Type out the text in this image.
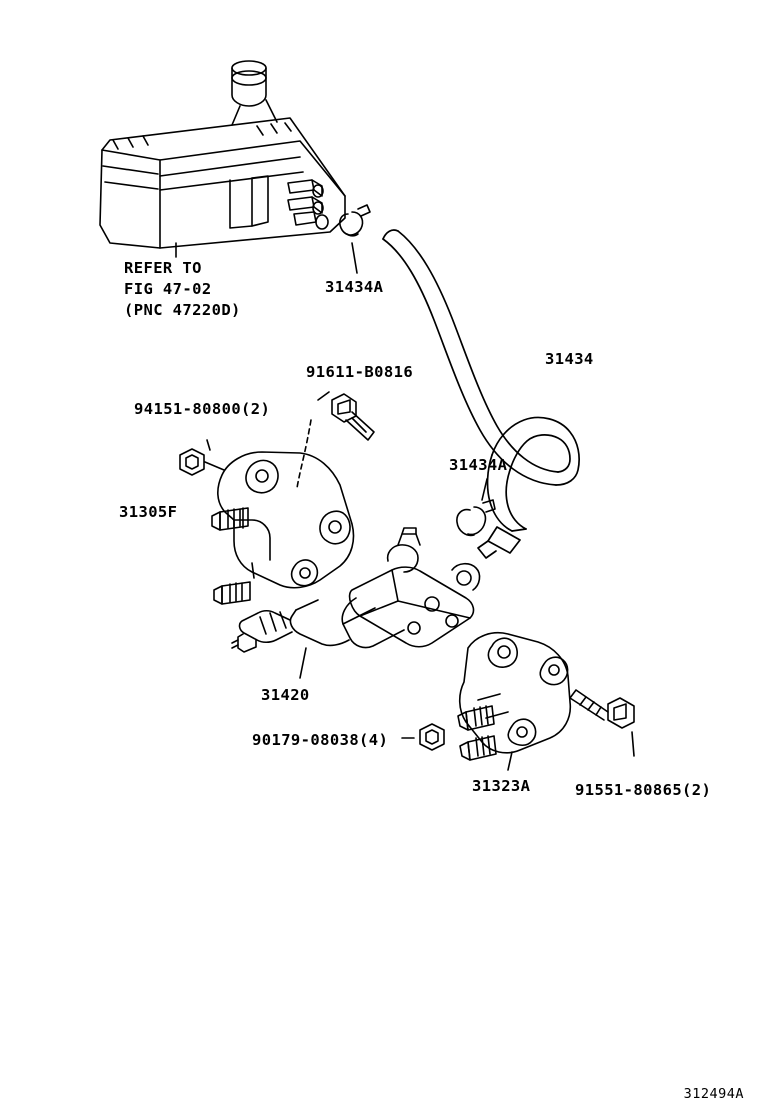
REFER TO
FIG 47-02
(PNC 47220D)
31434A
31434
91611-B0816
94151-80800(2)
31434A
31305F
31420
90179-08038(4)
91551-80865(2)
31323A
312494A
